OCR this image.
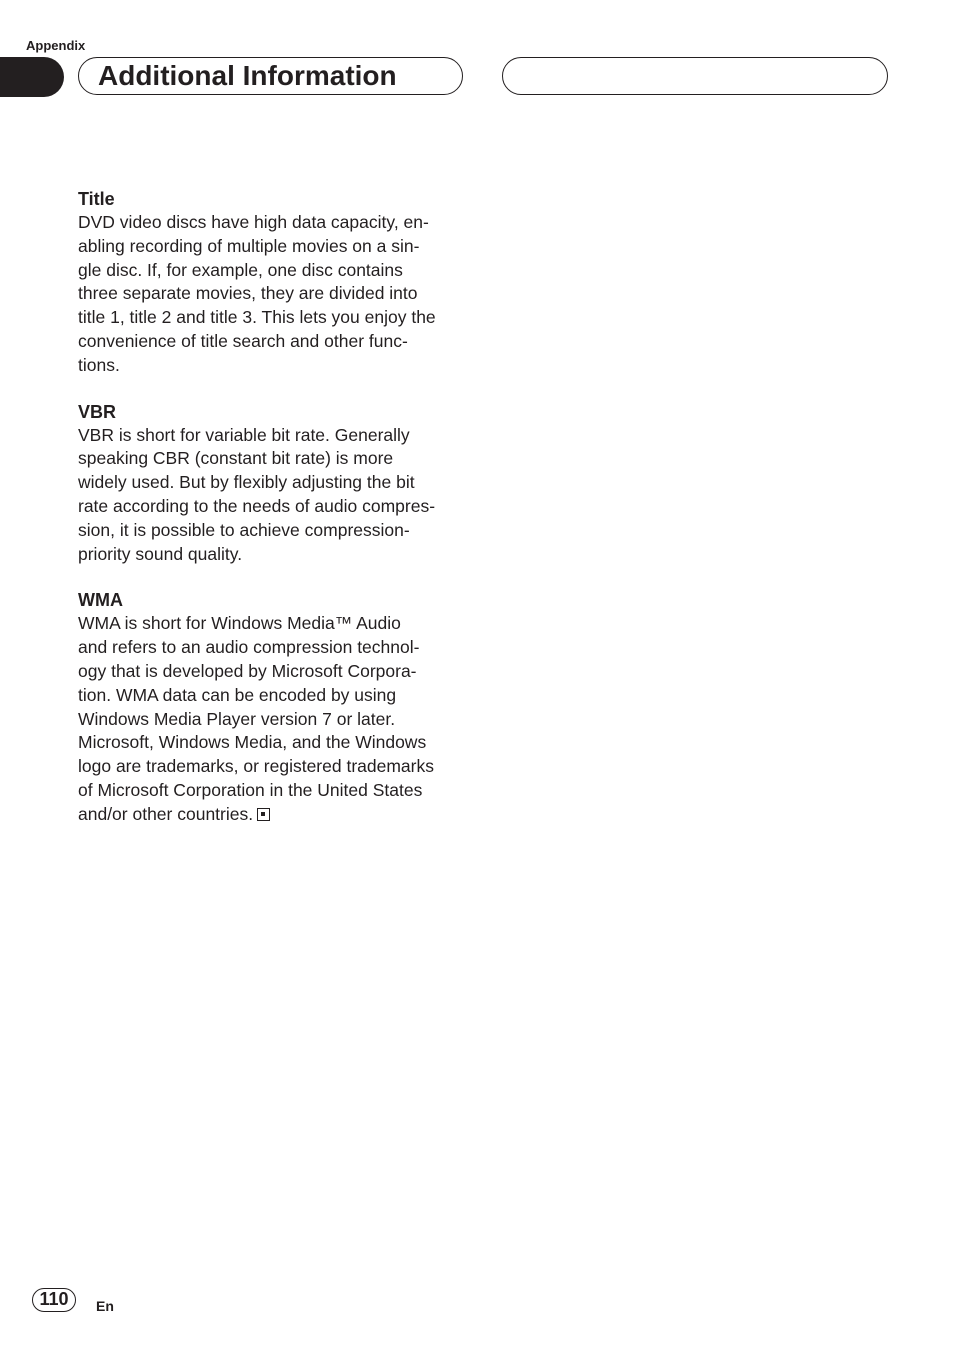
Appendix
Additional Information
Title
DVD video discs have high data capacity, en-
abling recording of multiple movies on a sin-
gle disc. If, for example, one disc contains
three separate movies, they are divided into
title 1, title 2 and title 3. This lets you enjoy the
convenience of title search and other func-
tions.
VBR
VBR is short for variable bit rate. Generally
speaking CBR (constant bit rate) is more
widely used. But by flexibly adjusting the bit
rate according to the needs of audio compres-
sion, it is possible to achieve compression-
priority sound quality.
WMA
WMA is short for Windows Media™ Audio
and refers to an audio compression technol-
ogy that is developed by Microsoft Corpora-
tion. WMA data can be encoded by using
Windows Media Player version 7 or later.
Microsoft, Windows Media, and the Windows
logo are trademarks, or registered trademarks
of Microsoft Corporation in the United States
and/or other countries.
110	En
